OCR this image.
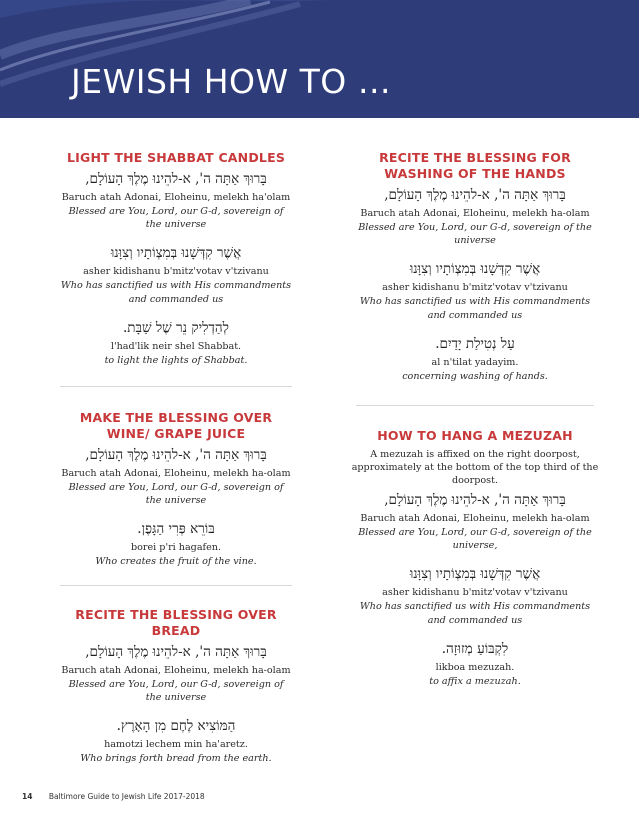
JEWISH HOW TO …
LIGHT THE SHABBAT CANDLES

בָּרוּךְ אַתָּה ה', א-להֵינוּ מֶלֶךְ הָעוֹלָם,

Baruch atah Adonai, Eloheinu, melekh ha'olam

Blessed are You, Lord, our G-d, sovereign of the universe

אֲשֶׁר קִדְּשָׁנוּ בְּמִצְוֹתָיו וְצִוָּנוּ

asher kidishanu b'mitz'votav v'tzivanu

Who has sanctified us with His commandments

and commanded us

לְהַדְלִיק נֵר שֶׁל שַׁבָּת.

l'had'lik neir shel Shabbat.

to light the lights of Shabbat.

MAKE THE BLESSING OVER WINE/ GRAPE JUICE

בָּרוּךְ אַתָּה ה', א-להֵינוּ מֶלֶךְ הָעוֹלָם,

Baruch atah Adonai, Eloheinu, melekh ha-olam

Blessed are You, Lord, our G-d, sovereign of the universe

בּוֹרֵא פְּרִי הַגָּפֶן.

borei p'ri hagafen.

Who creates the fruit of the vine.

RECITE THE BLESSING OVER BREAD

בָּרוּךְ אַתָּה ה', א-להֵינוּ מֶלֶךְ הָעוֹלָם,

Baruch atah Adonai, Eloheinu, melekh ha-olam

Blessed are You, Lord, our G-d, sovereign of the universe

הַמּוֹצִיא לֶחֶם מִן הָאָרֶץ.

hamotzi lechem min ha'aretz.

Who brings forth bread from the earth.

RECITE THE BLESSING FOR WASHING OF THE HANDS

בָּרוּךְ אַתָּה ה', א-להֵינוּ מֶלֶךְ הָעוֹלָם,

Baruch atah Adonai, Eloheinu, melekh ha-olam

Blessed are You, Lord, our G-d, sovereign of the universe

אֲשֶׁר קִדְּשָׁנוּ בְּמִצְוֹתָיו וְצִוָּנוּ

asher kidishanu b'mitz'votav v'tzivanu

Who has sanctified us with His commandments

and commanded us

עַל נְטִילַת יָדַיִם.

al n'tilat yadayim.

concerning washing of hands.

HOW TO HANG A MEZUZAH

A mezuzah is affixed on the right doorpost, approximately at the bottom of the top third of the doorpost.

בָּרוּךְ אַתָּה ה', א-להֵינוּ מֶלֶךְ הָעוֹלָם,

Baruch atah Adonai, Eloheinu, melekh ha-olam

Blessed are You, Lord, our G-d, sovereign of the universe,

אֲשֶׁר קִדְּשָׁנוּ בְּמִצְוֹתָיו וְצִוָּנוּ

asher kidishanu b'mitz'votav v'tzivanu

Who has sanctified us with His commandments

and commanded us

לִקְבּוֹעַ מְזוּזָה.

likboa mezuzah.

to affix a mezuzah.

14 Baltimore Guide to Jewish Life 2017-2018
